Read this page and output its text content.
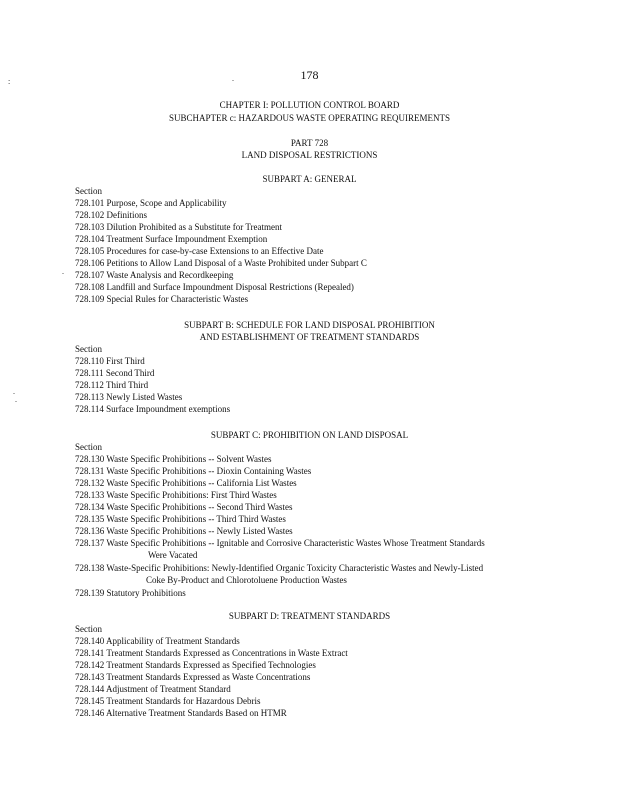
:	.
.
.
.
178
CHAPTER I: POLLUTION CONTROL BOARD
SUBCHAPTER c: HAZARDOUS WASTE OPERATING REQUIREMENTS
PART 728
LAND DISPOSAL RESTRICTIONS
SUBPART A: GENERAL
Section
728.101 Purpose, Scope and Applicability
728.102 Definitions
728.103 Dilution Prohibited as a Substitute for Treatment
728.104 Treatment Surface Impoundment Exemption
728.105 Procedures for case-by-case Extensions to an Effective Date
728.106 Petitions to Allow Land Disposal of a Waste Prohibited under Subpart C
728.107 Waste Analysis and Recordkeeping
728.108 Landfill and Surface Impoundment Disposal Restrictions (Repealed)
728.109 Special Rules for Characteristic Wastes
SUBPART B: SCHEDULE FOR LAND DISPOSAL PROHIBITION
AND ESTABLISHMENT OF TREATMENT STANDARDS
Section
728.110 First Third
728.111 Second Third
728.112 Third Third
728.113 Newly Listed Wastes
728.114 Surface Impoundment exemptions
SUBPART C: PROHIBITION ON LAND DISPOSAL
Section
728.130 Waste Specific Prohibitions -- Solvent Wastes
728.131 Waste Specific Prohibitions -- Dioxin Containing Wastes
728.132 Waste Specific Prohibitions -- California List Wastes
728.133 Waste Specific Prohibitions: First Third Wastes
728.134 Waste Specific Prohibitions -- Second Third Wastes
728.135 Waste Specific Prohibitions -- Third Third Wastes
728.136 Waste Specific Prohibitions -- Newly Listed Wastes
728.137 Waste Specific Prohibitions -- Ignitable and Corrosive Characteristic Wastes Whose Treatment Standards
Were Vacated
728.138 Waste-Specific Prohibitions: Newly-Identified Organic Toxicity Characteristic Wastes and Newly-Listed
Coke By-Product and Chlorotoluene Production Wastes
728.139 Statutory Prohibitions
SUBPART D: TREATMENT STANDARDS
Section
728.140 Applicability of Treatment Standards
728.141 Treatment Standards Expressed as Concentrations in Waste Extract
728.142 Treatment Standards Expressed as Specified Technologies
728.143 Treatment Standards Expressed as Waste Concentrations
728.144 Adjustment of Treatment Standard
728.145 Treatment Standards for Hazardous Debris
728.146 Alternative Treatment Standards Based on HTMR
